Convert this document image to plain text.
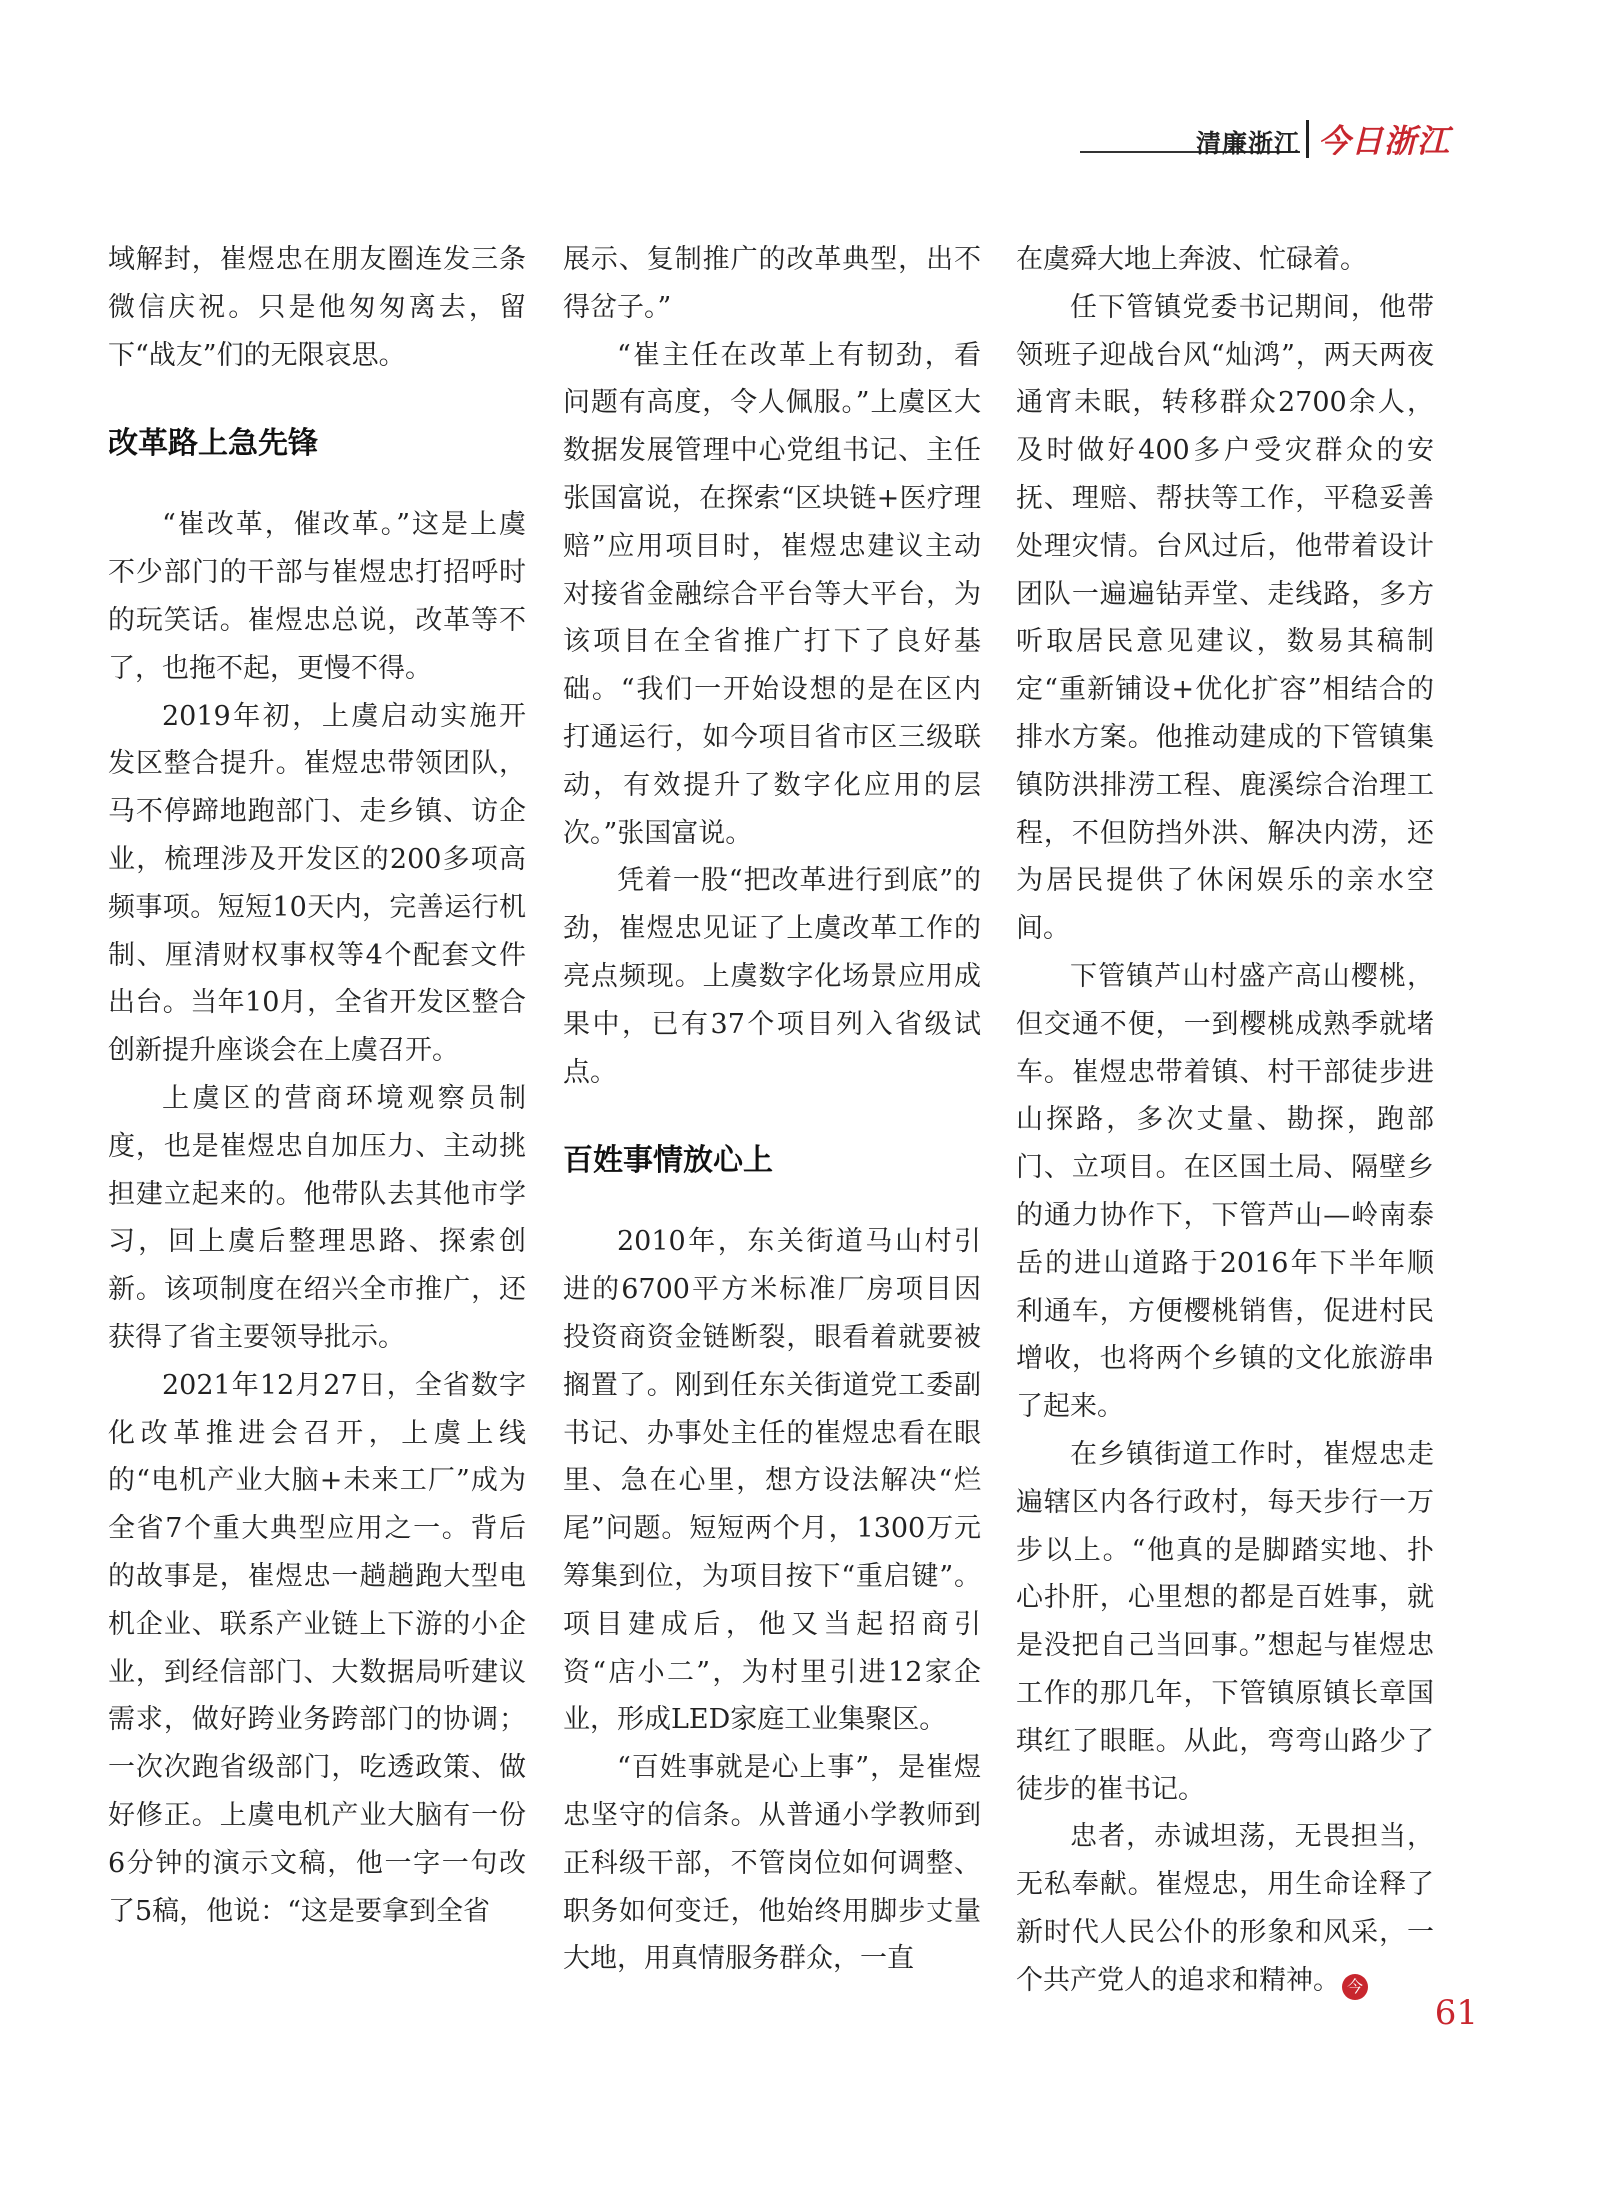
清廉浙江 今日浙江

域解封，崔煜忠在朋友圈连发三条微信庆祝。只是他匆匆离去，留下“战友”们的无限哀思。

改革路上急先锋

“崔改革，催改革。”这是上虞不少部门的干部与崔煜忠打招呼时的玩笑话。崔煜忠总说，改革等不了，也拖不起，更慢不得。

2019年初，上虞启动实施开发区整合提升。崔煜忠带领团队，马不停蹄地跑部门、走乡镇、访企业，梳理涉及开发区的200多项高频事项。短短10天内，完善运行机制、厘清财权事权等4个配套文件出台。当年10月，全省开发区整合创新提升座谈会在上虞召开。

上虞区的营商环境观察员制度，也是崔煜忠自加压力、主动挑担建立起来的。他带队去其他市学习，回上虞后整理思路、探索创新。该项制度在绍兴全市推广，还获得了省主要领导批示。

2021年12月27日，全省数字化改革推进会召开，上虞上线的“电机产业大脑+未来工厂”成为全省7个重大典型应用之一。背后的故事是，崔煜忠一趟趟跑大型电机企业、联系产业链上下游的小企业，到经信部门、大数据局听建议需求，做好跨业务跨部门的协调；一次次跑省级部门，吃透政策、做好修正。上虞电机产业大脑有一份6分钟的演示文稿，他一字一句改了5稿，他说：“这是要拿到全省

展示、复制推广的改革典型，出不得岔子。”

“崔主任在改革上有韧劲，看问题有高度，令人佩服。”上虞区大数据发展管理中心党组书记、主任张国富说，在探索“区块链+医疗理赔”应用项目时，崔煜忠建议主动对接省金融综合平台等大平台，为该项目在全省推广打下了良好基础。“我们一开始设想的是在区内打通运行，如今项目省市区三级联动，有效提升了数字化应用的层次。”张国富说。

凭着一股“把改革进行到底”的劲，崔煜忠见证了上虞改革工作的亮点频现。上虞数字化场景应用成果中，已有37个项目列入省级试点。

百姓事情放心上

2010年，东关街道马山村引进的6700平方米标准厂房项目因投资商资金链断裂，眼看着就要被搁置了。刚到任东关街道党工委副书记、办事处主任的崔煜忠看在眼里、急在心里，想方设法解决“烂尾”问题。短短两个月，1300万元筹集到位，为项目按下“重启键”。项目建成后，他又当起招商引资“店小二”，为村里引进12家企业，形成LED家庭工业集聚区。

“百姓事就是心上事”，是崔煜忠坚守的信条。从普通小学教师到正科级干部，不管岗位如何调整、职务如何变迁，他始终用脚步丈量大地，用真情服务群众，一直

在虞舜大地上奔波、忙碌着。

任下管镇党委书记期间，他带领班子迎战台风“灿鸿”，两天两夜通宵未眠，转移群众2700余人，及时做好400多户受灾群众的安抚、理赔、帮扶等工作，平稳妥善处理灾情。台风过后，他带着设计团队一遍遍钻弄堂、走线路，多方听取居民意见建议，数易其稿制定“重新铺设+优化扩容”相结合的排水方案。他推动建成的下管镇集镇防洪排涝工程、鹿溪综合治理工程，不但防挡外洪、解决内涝，还为居民提供了休闲娱乐的亲水空间。

下管镇芦山村盛产高山樱桃，但交通不便，一到樱桃成熟季就堵车。崔煜忠带着镇、村干部徒步进山探路，多次丈量、勘探，跑部门、立项目。在区国土局、隔壁乡的通力协作下，下管芦山—岭南泰岳的进山道路于2016年下半年顺利通车，方便樱桃销售，促进村民增收，也将两个乡镇的文化旅游串了起来。

在乡镇街道工作时，崔煜忠走遍辖区内各行政村，每天步行一万步以上。“他真的是脚踏实地、扑心扑肝，心里想的都是百姓事，就是没把自己当回事。”想起与崔煜忠工作的那几年，下管镇原镇长章国琪红了眼眶。从此，弯弯山路少了徒步的崔书记。

忠者，赤诚坦荡，无畏担当，无私奉献。崔煜忠，用生命诠释了新时代人民公仆的形象和风采，一个共产党人的追求和精神。 今

61
